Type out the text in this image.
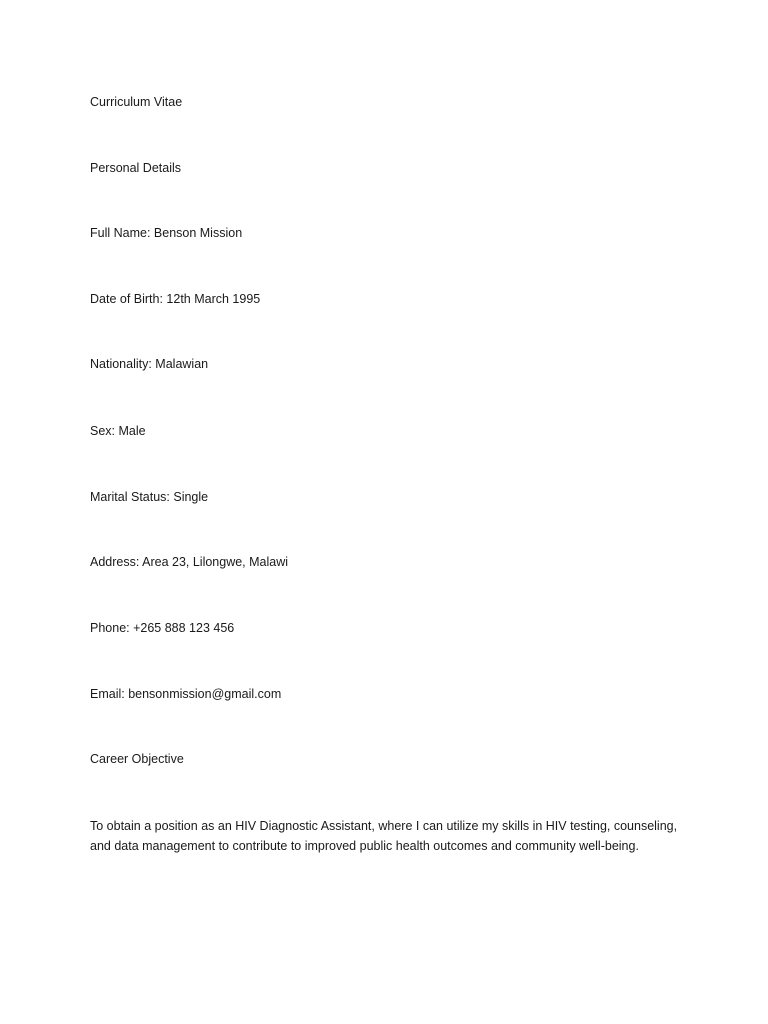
Curriculum Vitae
Personal Details
Full Name: Benson Mission
Date of Birth: 12th March 1995
Nationality: Malawian
Sex: Male
Marital Status: Single
Address: Area 23, Lilongwe, Malawi
Phone: +265 888 123 456
Email: bensonmission@gmail.com
Career Objective
To obtain a position as an HIV Diagnostic Assistant, where I can utilize my skills in HIV testing, counseling, and data management to contribute to improved public health outcomes and community well-being.
